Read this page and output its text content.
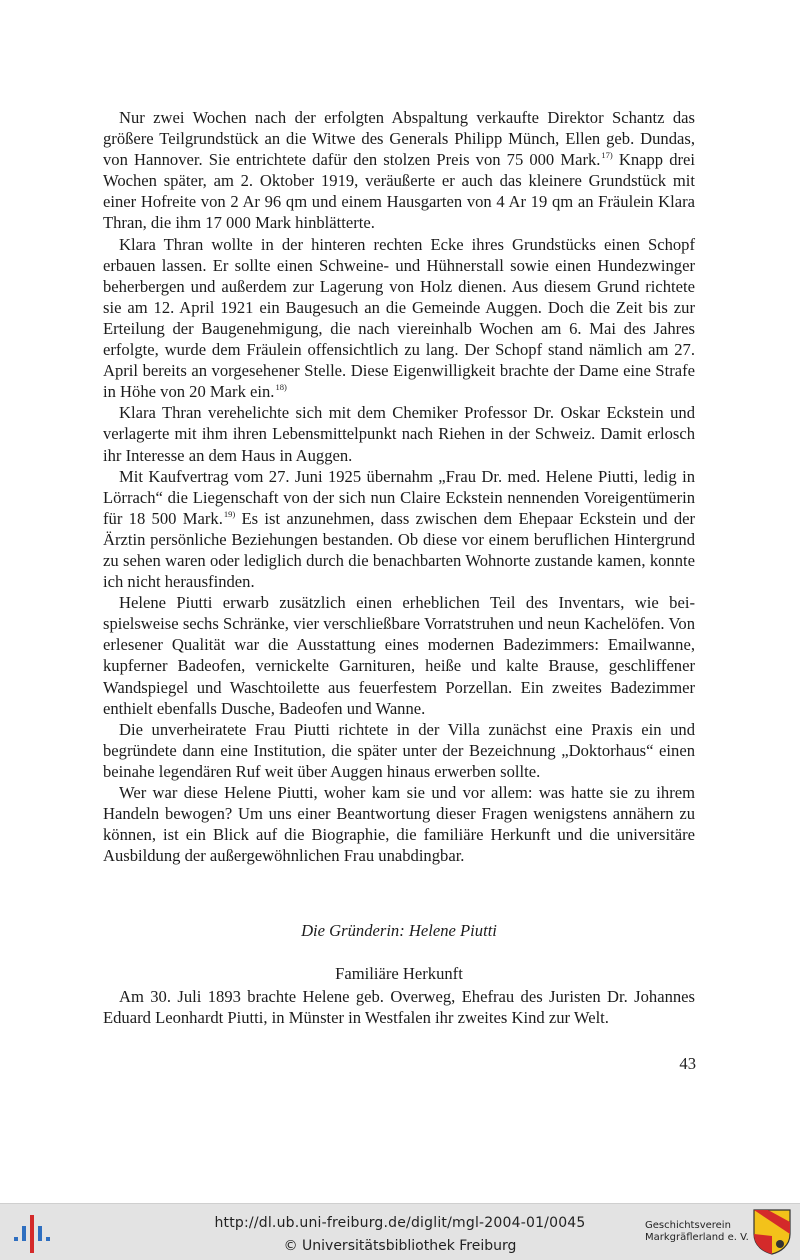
Nur zwei Wochen nach der erfolgten Abspaltung verkaufte Direktor Schantz das größere Teilgrundstück an die Witwe des Generals Philipp Münch, Ellen geb. Dundas, von Hannover. Sie entrichtete dafür den stolzen Preis von 75 000 Mark.$^{17)}$ Knapp drei Wochen später, am 2. Oktober 1919, veräußerte er auch das kleinere Grundstück mit einer Hofreite von 2 Ar 96 qm und einem Hausgarten von 4 Ar 19 qm an Fräulein Klara Thran, die ihm 17 000 Mark hinblätterte.

Klara Thran wollte in der hinteren rechten Ecke ihres Grundstücks einen Schopf erbauen lassen. Er sollte einen Schweine- und Hühnerstall sowie einen Hundezwinger beherbergen und außerdem zur Lagerung von Holz dienen. Aus diesem Grund richtete sie am 12. April 1921 ein Baugesuch an die Gemeinde Auggen. Doch die Zeit bis zur Erteilung der Baugenehmigung, die nach viereinhalb Wochen am 6. Mai des Jahres erfolgte, wurde dem Fräulein offensichtlich zu lang. Der Schopf stand nämlich am 27. April bereits an vorgesehener Stelle. Diese Eigenwilligkeit brachte der Dame eine Strafe in Höhe von 20 Mark ein.$^{18)}$

Klara Thran verehelichte sich mit dem Chemiker Professor Dr. Oskar Eckstein und verlagerte mit ihm ihren Lebensmittelpunkt nach Riehen in der Schweiz. Damit erlosch ihr Interesse an dem Haus in Auggen.

Mit Kaufvertrag vom 27. Juni 1925 übernahm „Frau Dr. med. Helene Piutti, ledig in Lörrach“ die Liegenschaft von der sich nun Claire Eckstein nennenden Voreigentümerin für 18 500 Mark.$^{19)}$ Es ist anzunehmen, dass zwischen dem Ehepaar Eckstein und der Ärztin persönliche Beziehungen bestanden. Ob diese vor einem beruflichen Hintergrund zu sehen waren oder lediglich durch die benachbarten Wohnorte zustande kamen, konnte ich nicht herausfinden.

Helene Piutti erwarb zusätzlich einen erheblichen Teil des Inventars, wie beispielsweise sechs Schränke, vier verschließbare Vorratstruhen und neun Kachelöfen. Von erlesener Qualität war die Ausstattung eines modernen Badezimmers: Emailwanne, kupferner Badeofen, vernickelte Garnituren, heiße und kalte Brause, geschliffener Wandspiegel und Waschtoilette aus feuerfestem Porzellan. Ein zweites Badezimmer enthielt ebenfalls Dusche, Badeofen und Wanne.

Die unverheiratete Frau Piutti richtete in der Villa zunächst eine Praxis ein und begründete dann eine Institution, die später unter der Bezeichnung „Doktorhaus“ einen beinahe legendären Ruf weit über Auggen hinaus erwerben sollte.

Wer war diese Helene Piutti, woher kam sie und vor allem: was hatte sie zu ihrem Handeln bewogen? Um uns einer Beantwortung dieser Fragen wenigstens annähern zu können, ist ein Blick auf die Biographie, die familiäre Herkunft und die universitäre Ausbildung der außergewöhnlichen Frau unabdingbar.

Die Gründerin: Helene Piutti
Familiäre Herkunft

Am 30. Juli 1893 brachte Helene geb. Overweg, Ehefrau des Juristen Dr. Johannes Eduard Leonhardt Piutti, in Münster in Westfalen ihr zweites Kind zur Welt.

43
http://dl.ub.uni-freiburg.de/diglit/mgl-2004-01/0045
© Universitätsbibliothek Freiburg
Geschichtsverein
Markgräflerland e. V.
